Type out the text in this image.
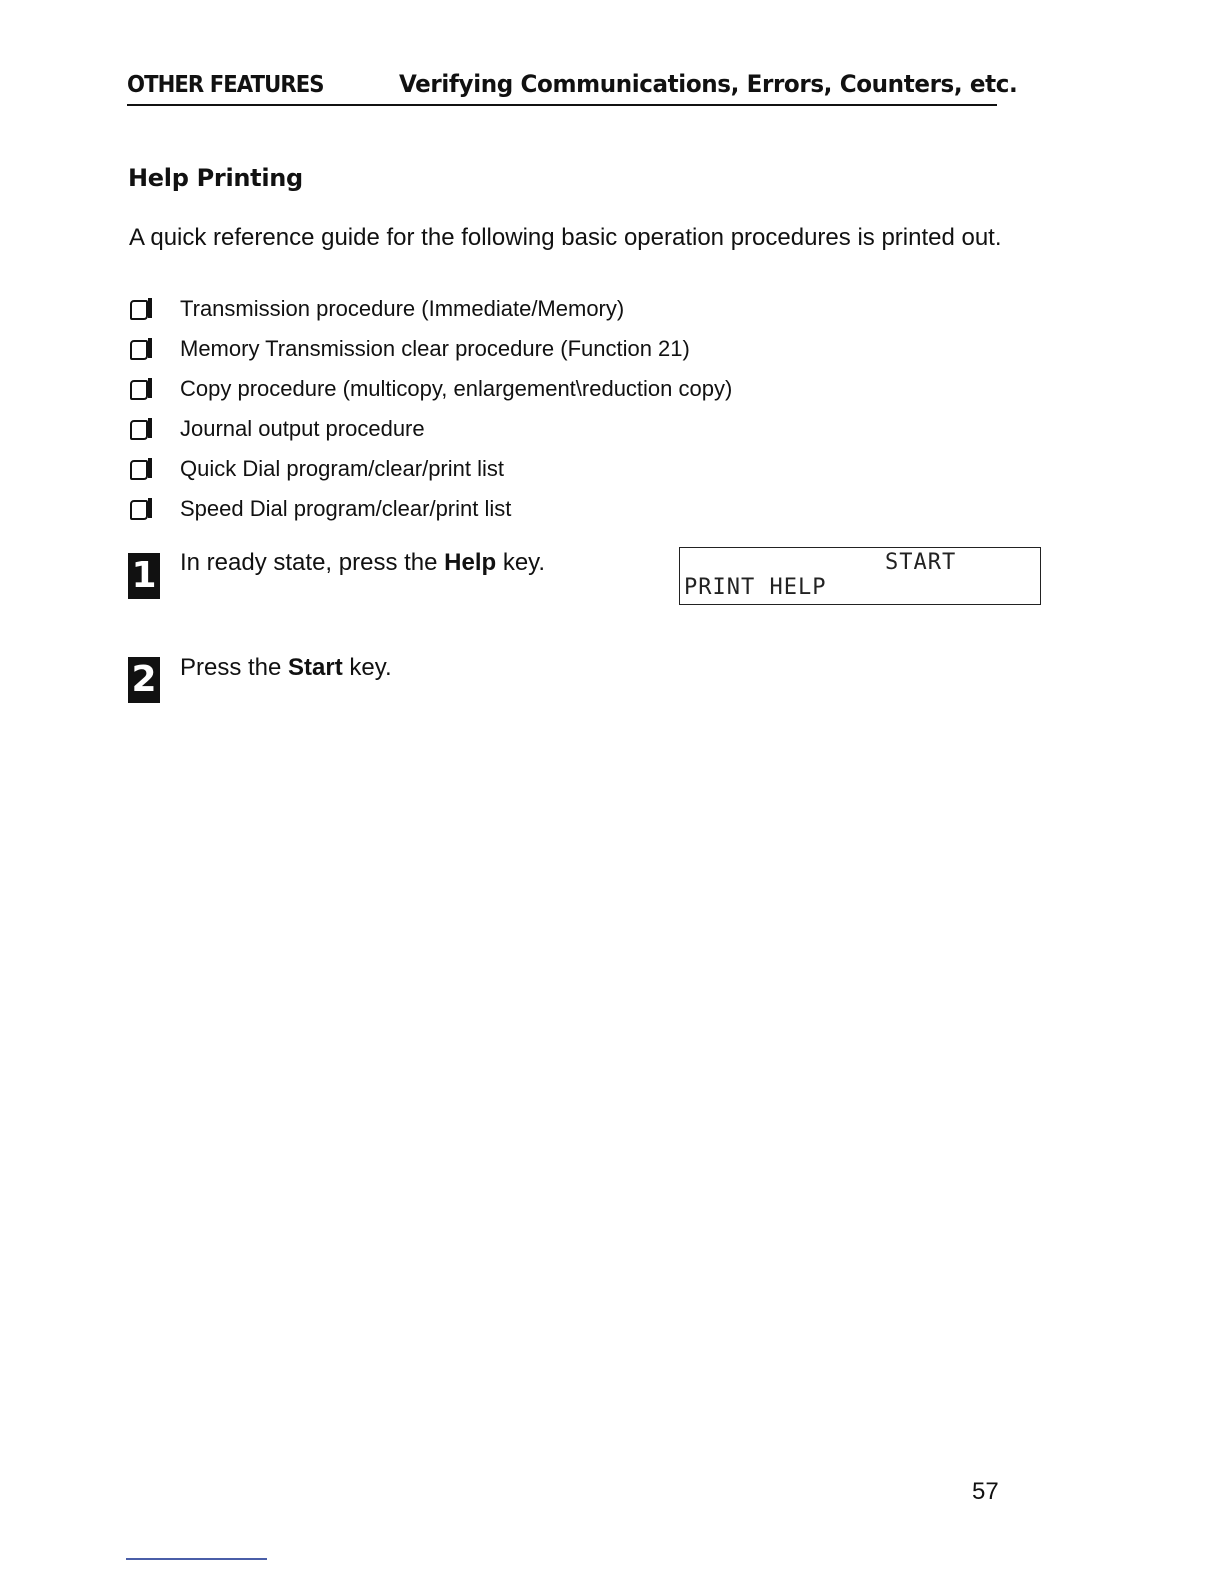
OTHER FEATURES	Verifying Communications, Errors, Counters, etc.
Help Printing
A quick reference guide for the following basic operation procedures is printed out.
Transmission procedure (Immediate/Memory)
Memory Transmission clear procedure (Function 21)
Copy procedure (multicopy, enlargement\reduction copy)
Journal output procedure
Quick Dial program/clear/print list
Speed Dial program/clear/print list
1 In ready state, press the Help key.	START
PRINT HELP
2 Press the Start key.
57
